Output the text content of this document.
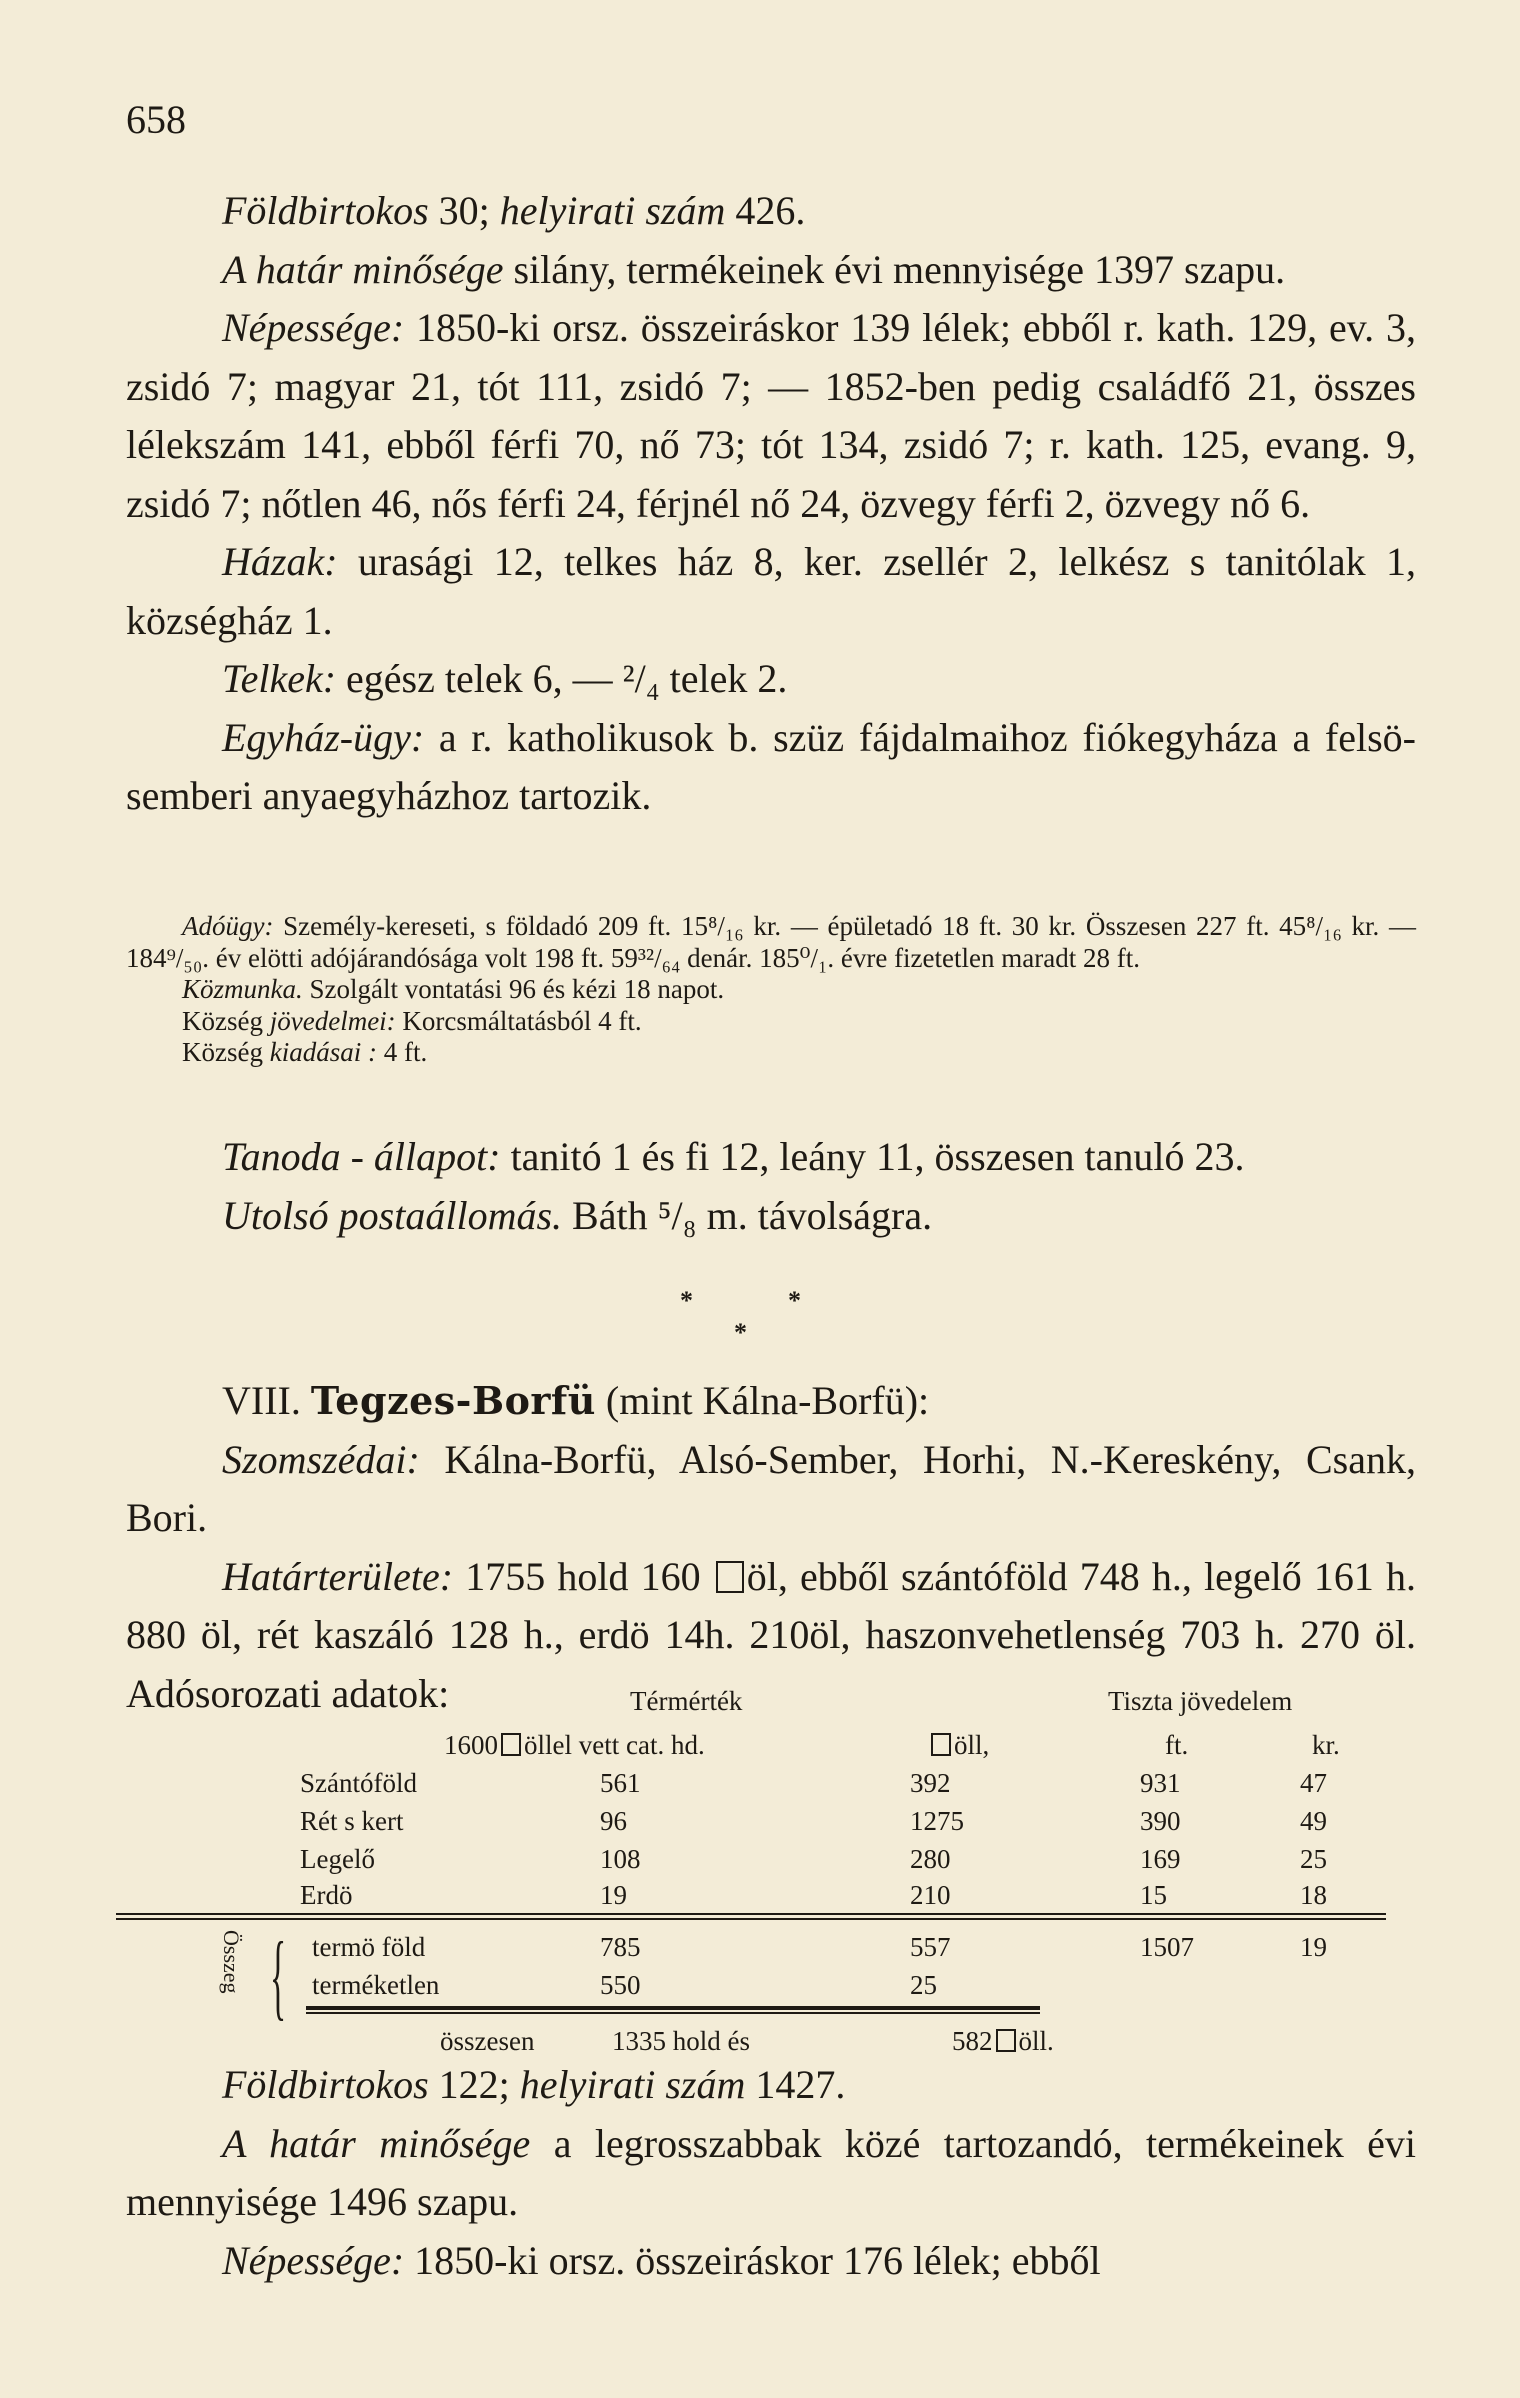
658

Földbirtokos 30; helyirati szám 426.

A határ minősége silány, termékeinek évi mennyisége 1397 szapu.

Népessége: 1850-ki orsz. összeiráskor 139 lélek; ebből r. kath. 129, ev. 3, zsidó 7; magyar 21, tót 111, zsidó 7; — 1852-ben pedig családfő 21, összes lélekszám 141, ebből férfi 70, nő 73; tót 134, zsidó 7; r. kath. 125, evang. 9, zsidó 7; nőtlen 46, nős férfi 24, férjnél nő 24, özvegy férfi 2, özvegy nő 6.

Házak: urasági 12, telkes ház 8, ker. zsellér 2, lelkész s tanitólak 1, községház 1.

Telkek: egész telek 6, — ²/₄ telek 2.

Egyház-ügy: a r. katholikusok b. szüz fájdalmaihoz fiókegyháza a felsö-semberi anyaegyházhoz tartozik.

Adóügy: Személy-kereseti, s földadó 209 ft. 15⁸/₁₆ kr. — épületadó 18 ft. 30 kr. Összesen 227 ft. 45⁸/₁₆ kr. — 184⁹/₅₀. év elötti adójárandósága volt 198 ft. 59³²/₆₄ denár. 185⁰/₁. évre fizetetlen maradt 28 ft.

Közmunka. Szolgált vontatási 96 és kézi 18 napot.

Község jövedelmei: Korcsmáltatásból 4 ft.

Község kiadásai : 4 ft.

Tanoda - állapot: tanitó 1 és fi 12, leány 11, összesen tanuló 23.

Utolsó postaállomás. Báth ⁵/₈ m. távolságra.

*	*
*

VIII. Tegzes-Borfü (mint Kálna-Borfü):

Szomszédai: Kálna-Borfü, Alsó-Sember, Horhi, N.-Kereskény, Csank, Bori.

Határterülete: 1755 hold 160 öl, ebből szántóföld 748 h., legelő 161 h. 880 öl, rét kaszáló 128 h., erdö 14h. 210öl, haszonvehetlenség 703 h. 270 öl. Adósorozati adatok:	Térmérték	Tiszta jövedelem
1600 öllel vett cat. hd.	öll,	ft.	kr.
Szántóföld	561	392	931	47
Rét s kert	96	1275	390	49
Legelő	108	280	169	25
Erdö	19	210	15	18
Összeg { termö föld	785	557	1507	19
terméketlen	550	25
összesen	1335 hold és	582 öll.

Földbirtokos 122; helyirati szám 1427.

A határ minősége a legrosszabbak közé tartozandó, termékeinek évi mennyisége 1496 szapu.

Népessége: 1850-ki orsz. összeiráskor 176 lélek; ebből
